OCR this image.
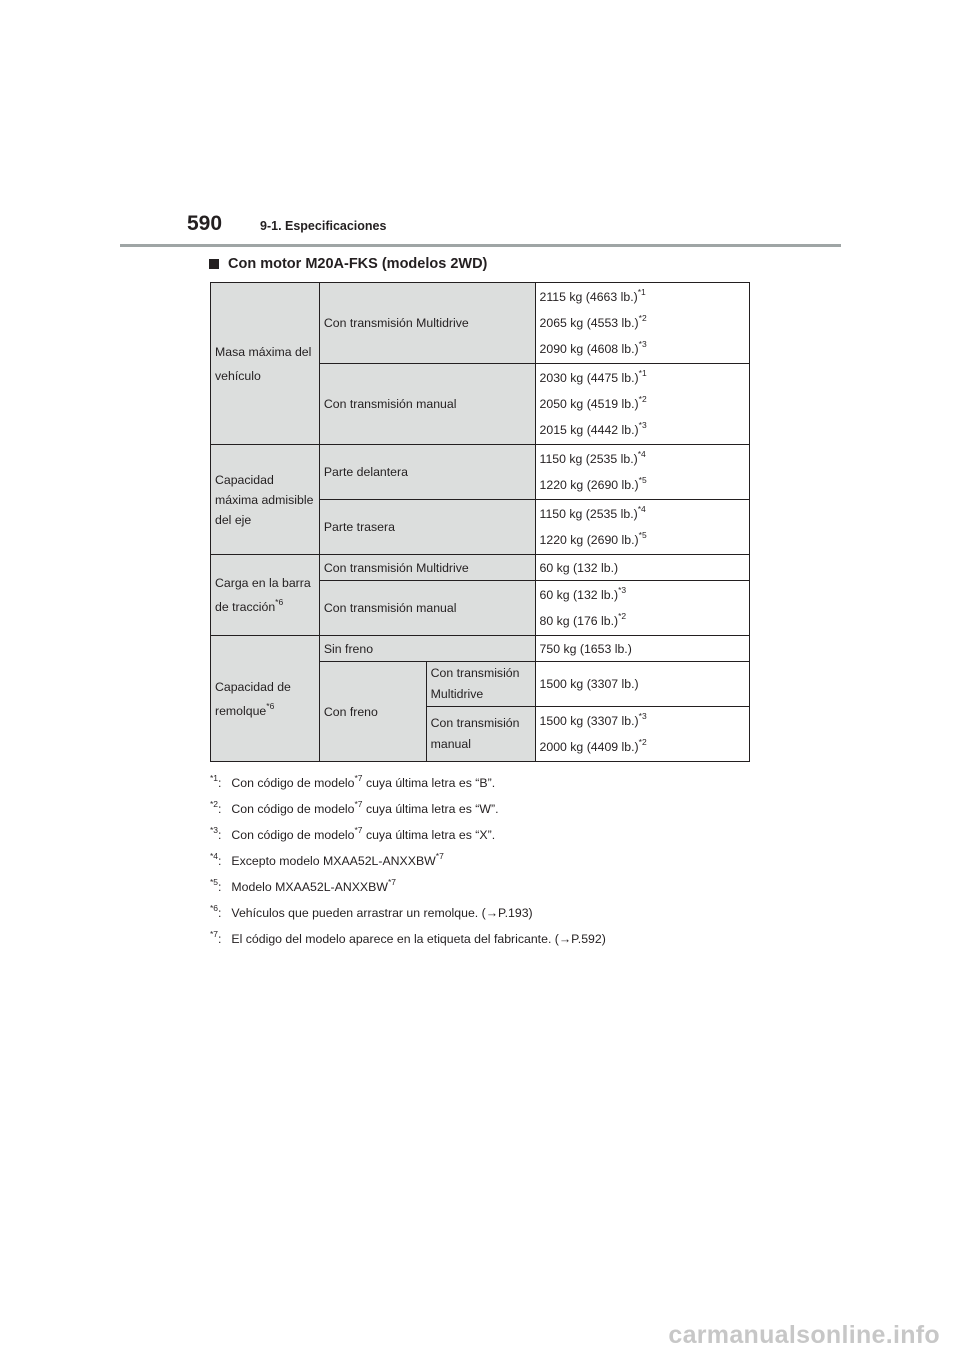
590	9-1. Especificaciones
Con motor M20A-FKS (modelos 2WD)
Masa máxima del vehículo	Con transmisión Multidrive		2115 kg (4663 lb.)$^{*1}$
2065 kg (4553 lb.)$^{*2}$
2090 kg (4608 lb.)$^{*3}$

	Con transmisión manual		2030 kg (4475 lb.)$^{*1}$
2050 kg (4519 lb.)$^{*2}$
2015 kg (4442 lb.)$^{*3}$

Capacidad máxima admisible del eje	Parte delantera		1150 kg (2535 lb.)$^{*4}$
1220 kg (2690 lb.)$^{*5}$

	Parte trasera		1150 kg (2535 lb.)$^{*4}$
1220 kg (2690 lb.)$^{*5}$

Carga en la barra de tracción$^{*6}$	Con transmisión Multidrive		60 kg (132 lb.)
	Con transmisión manual		60 kg (132 lb.)$^{*3}$
80 kg (176 lb.)$^{*2}$

Capacidad de remolque$^{*6}$	Sin freno		750 kg (1653 lb.)
	Con freno	Con transmisión Multidrive	1500 kg (3307 lb.)
		Con transmisión manual	1500 kg (3307 lb.)$^{*3}$
2000 kg (4409 lb.)$^{*2}$

$^{*1}$: Con código de modelo$^{*7}$ cuya última letra es “B”.

$^{*2}$: Con código de modelo$^{*7}$ cuya última letra es “W”.

$^{*3}$: Con código de modelo$^{*7}$ cuya última letra es “X”.

$^{*4}$: Excepto modelo MXAA52L-ANXXBW$^{*7}$

$^{*5}$: Modelo MXAA52L-ANXXBW$^{*7}$

$^{*6}$: Vehículos que pueden arrastrar un remolque. (→P.193)

$^{*7}$: El código del modelo aparece en la etiqueta del fabricante. (→P.592)

carmanualsonline.info
